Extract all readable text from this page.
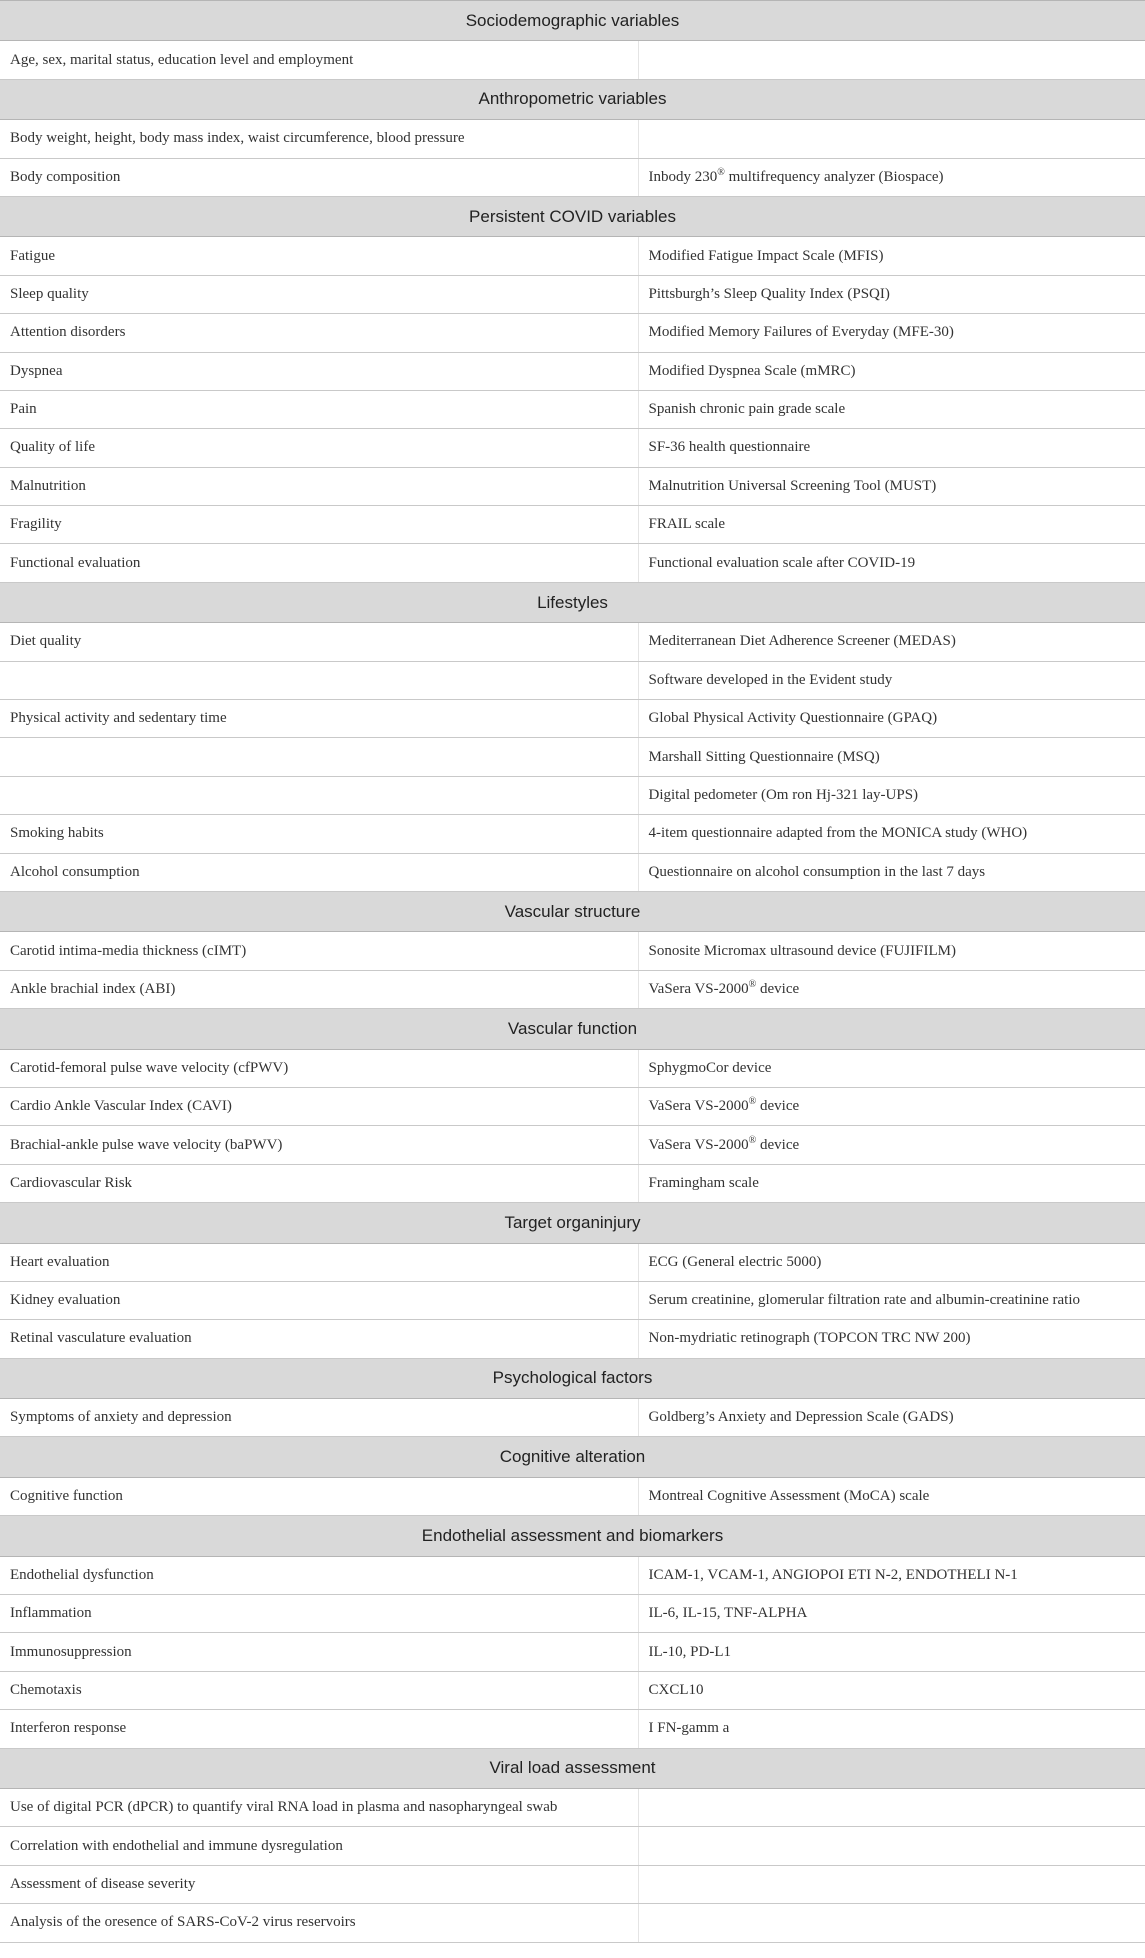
Sociodemographic variables	
Age, sex, marital status, education level and employment	
Anthropometric variables	
Body weight, height, body mass index, waist circumference, blood pressure	
Body composition	Inbody 230® multifrequency analyzer (Biospace)
Persistent COVID variables	
Fatigue	Modified Fatigue Impact Scale (MFIS)
Sleep quality	Pittsburgh’s Sleep Quality Index (PSQI)
Attention disorders	Modified Memory Failures of Everyday (MFE-30)
Dyspnea	Modified Dyspnea Scale (mMRC)
Pain	Spanish chronic pain grade scale
Quality of life	SF-36 health questionnaire
Malnutrition	Malnutrition Universal Screening Tool (MUST)
Fragility	FRAIL scale
Functional evaluation	Functional evaluation scale after COVID-19
Lifestyles	
Diet quality	Mediterranean Diet Adherence Screener (MEDAS)
	Software developed in the Evident study
Physical activity and sedentary time	Global Physical Activity Questionnaire (GPAQ)
	Marshall Sitting Questionnaire (MSQ)
	Digital pedometer (Om ron Hj-321 lay-UPS)
Smoking habits	4-item questionnaire adapted from the MONICA study (WHO)
Alcohol consumption	Questionnaire on alcohol consumption in the last 7 days
Vascular structure	
Carotid intima-media thickness (cIMT)	Sonosite Micromax ultrasound device (FUJIFILM)
Ankle brachial index (ABI)	VaSera VS-2000® device
Vascular function	
Carotid-femoral pulse wave velocity (cfPWV)	SphygmoCor device
Cardio Ankle Vascular Index (CAVI)	VaSera VS-2000® device
Brachial-ankle pulse wave velocity (baPWV)	VaSera VS-2000® device
Cardiovascular Risk	Framingham scale
Target organinjury	
Heart evaluation	ECG (General electric 5000)
Kidney evaluation	Serum creatinine, glomerular filtration rate and albumin-creatinine ratio
Retinal vasculature evaluation	Non-mydriatic retinograph (TOPCON TRC NW 200)
Psychological factors	
Symptoms of anxiety and depression	Goldberg’s Anxiety and Depression Scale (GADS)
Cognitive alteration	
Cognitive function	Montreal Cognitive Assessment (MoCA) scale
Endothelial assessment and biomarkers	
Endothelial dysfunction	ICAM-1, VCAM-1, ANGIOPOI ETI N-2, ENDOTHELI N-1
Inflammation	IL-6, IL-15, TNF-ALPHA
Immunosuppression	IL-10, PD-L1
Chemotaxis	CXCL10
Interferon response	I FN-gamm a
Viral load assessment	
Use of digital PCR (dPCR) to quantify viral RNA load in plasma and nasopharyngeal swab	
Correlation with endothelial and immune dysregulation	
Assessment of disease severity	
Analysis of the oresence of SARS-CoV-2 virus reservoirs	
